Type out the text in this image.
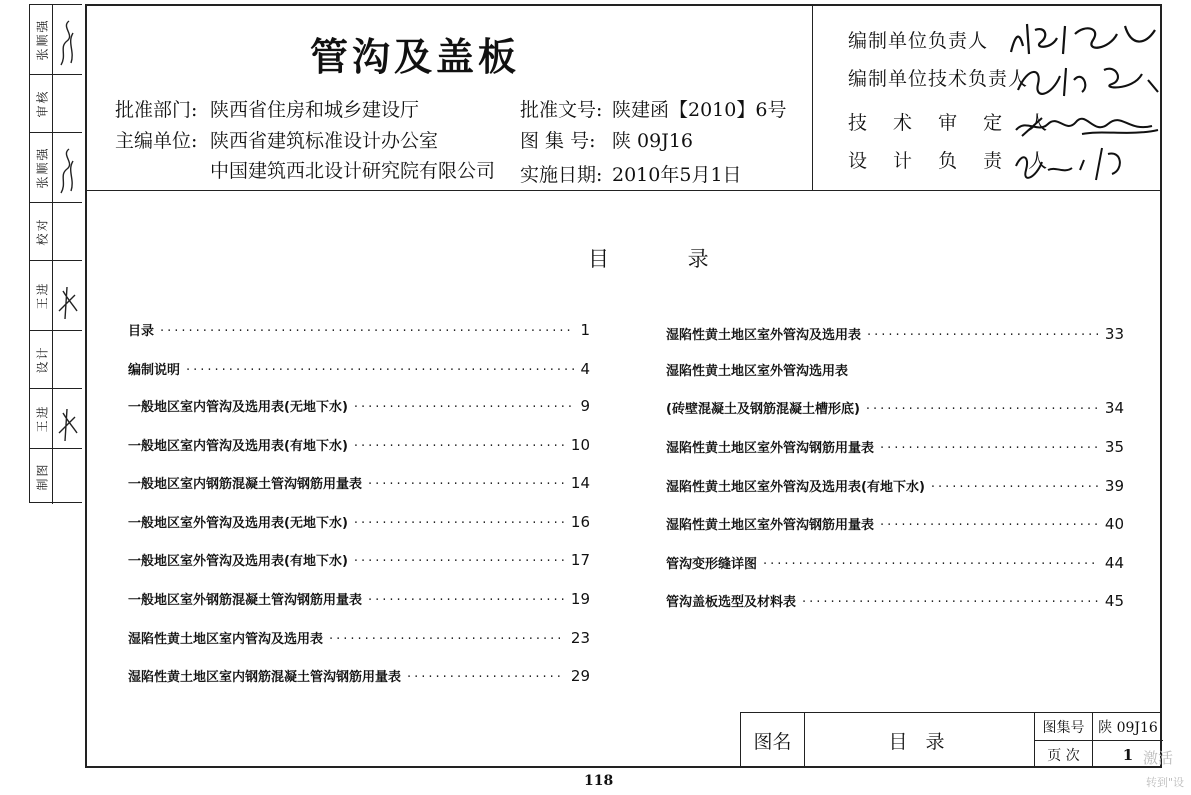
张顺强
审核
张顺强
校对
王进
设计
王进
制图
管沟及盖板
批准部门: 陕西省住房和城乡建设厅
主编单位: 陕西省建筑标准设计办公室
中国建筑西北设计研究院有限公司
批准文号: 陕建函【2010】6号
图 集 号: 陕 09J16
实施日期: 2010年5月1日
编制单位负责人
编制单位技术负责人
技 术 审 定 人
设 计 负 责 人
目 录
目录 ·····	1
编制说明 ·····	4
一般地区室内管沟及选用表(无地下水) ·····	9
一般地区室内管沟及选用表(有地下水) ·····	10
一般地区室内钢筋混凝土管沟钢筋用量表 ·····	14
一般地区室外管沟及选用表(无地下水) ·····	16
一般地区室外管沟及选用表(有地下水) ·····	17
一般地区室外钢筋混凝土管沟钢筋用量表 ·····	19
湿陷性黄土地区室内管沟及选用表 ·····	23
湿陷性黄土地区室内钢筋混凝土管沟钢筋用量表 ·····	29
湿陷性黄土地区室外管沟及选用表 ·····	33
湿陷性黄土地区室外管沟选用表
(砖壁混凝土及钢筋混凝土槽形底) ·····	34
湿陷性黄土地区室外管沟钢筋用量表 ·····	35
湿陷性黄土地区室外管沟及选用表(有地下水) ·····	39
湿陷性黄土地区室外管沟钢筋用量表 ·····	40
管沟变形缝详图 ·····	44
管沟盖板选型及材料表 ·····	45
图名	目 录
图集号 陕 09J16
页 次	1
118
激活
转到"设
